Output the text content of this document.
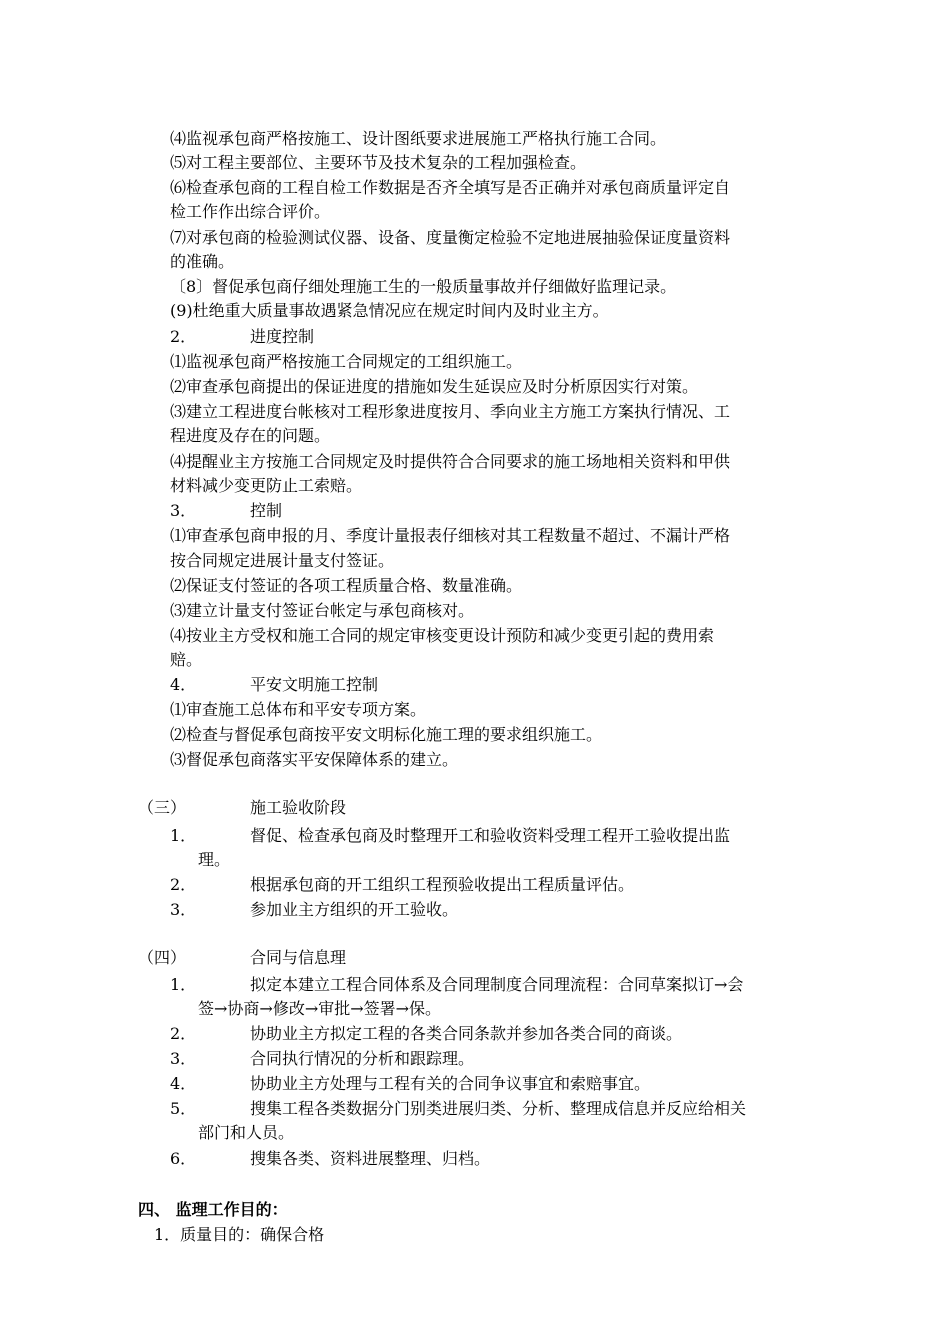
⑷监视承包商严格按施工、设计图纸要求进展施工严格执行施工合同。
⑸对工程主要部位、主要环节及技术复杂的工程加强检查。
⑹检查承包商的工程自检工作数据是否齐全填写是否正确并对承包商质量评定自
检工作作出综合评价。
⑺对承包商的检验测试仪器、设备、度量衡定检验不定地进展抽验保证度量资料
的准确。
〔8〕督促承包商仔细处理施工生的一般质量事故并仔细做好监理记录。
(9)杜绝重大质量事故遇紧急情况应在规定时间内及时业主方。
2．	进度控制
⑴监视承包商严格按施工合同规定的工组织施工。
⑵审查承包商提出的保证进度的措施如发生延误应及时分析原因实行对策。
⑶建立工程进度台帐核对工程形象进度按月、季向业主方施工方案执行情况、工
程进度及存在的问题。
⑷提醒业主方按施工合同规定及时提供符合合同要求的施工场地相关资料和甲供
材料减少变更防止工索赔。
3．	控制
⑴审查承包商申报的月、季度计量报表仔细核对其工程数量不超过、不漏计严格
按合同规定进展计量支付签证。
⑵保证支付签证的各项工程质量合格、数量准确。
⑶建立计量支付签证台帐定与承包商核对。
⑷按业主方受权和施工合同的规定审核变更设计预防和减少变更引起的费用索
赔。
4．	平安文明施工控制
⑴审查施工总体布和平安专项方案。
⑵检查与督促承包商按平安文明标化施工理的要求组织施工。
⑶督促承包商落实平安保障体系的建立。
（三）	施工验收阶段
1．	督促、检查承包商及时整理开工和验收资料受理工程开工验收提出监
理。
2．	根据承包商的开工组织工程预验收提出工程质量评估。
3．	参加业主方组织的开工验收。
（四）	合同与信息理
1．	拟定本建立工程合同体系及合同理制度合同理流程：合同草案拟订→会
签→协商→修改→审批→签署→保。
2．	协助业主方拟定工程的各类合同条款并参加各类合同的商谈。
3．	合同执行情况的分析和跟踪理。
4．	协助业主方处理与工程有关的合同争议事宜和索赔事宜。
5．	搜集工程各类数据分门别类进展归类、分析、整理成信息并反应给相关
部门和人员。
6．	搜集各类、资料进展整理、归档。
四、 监理工作目的：
1．质量目的：确保合格
